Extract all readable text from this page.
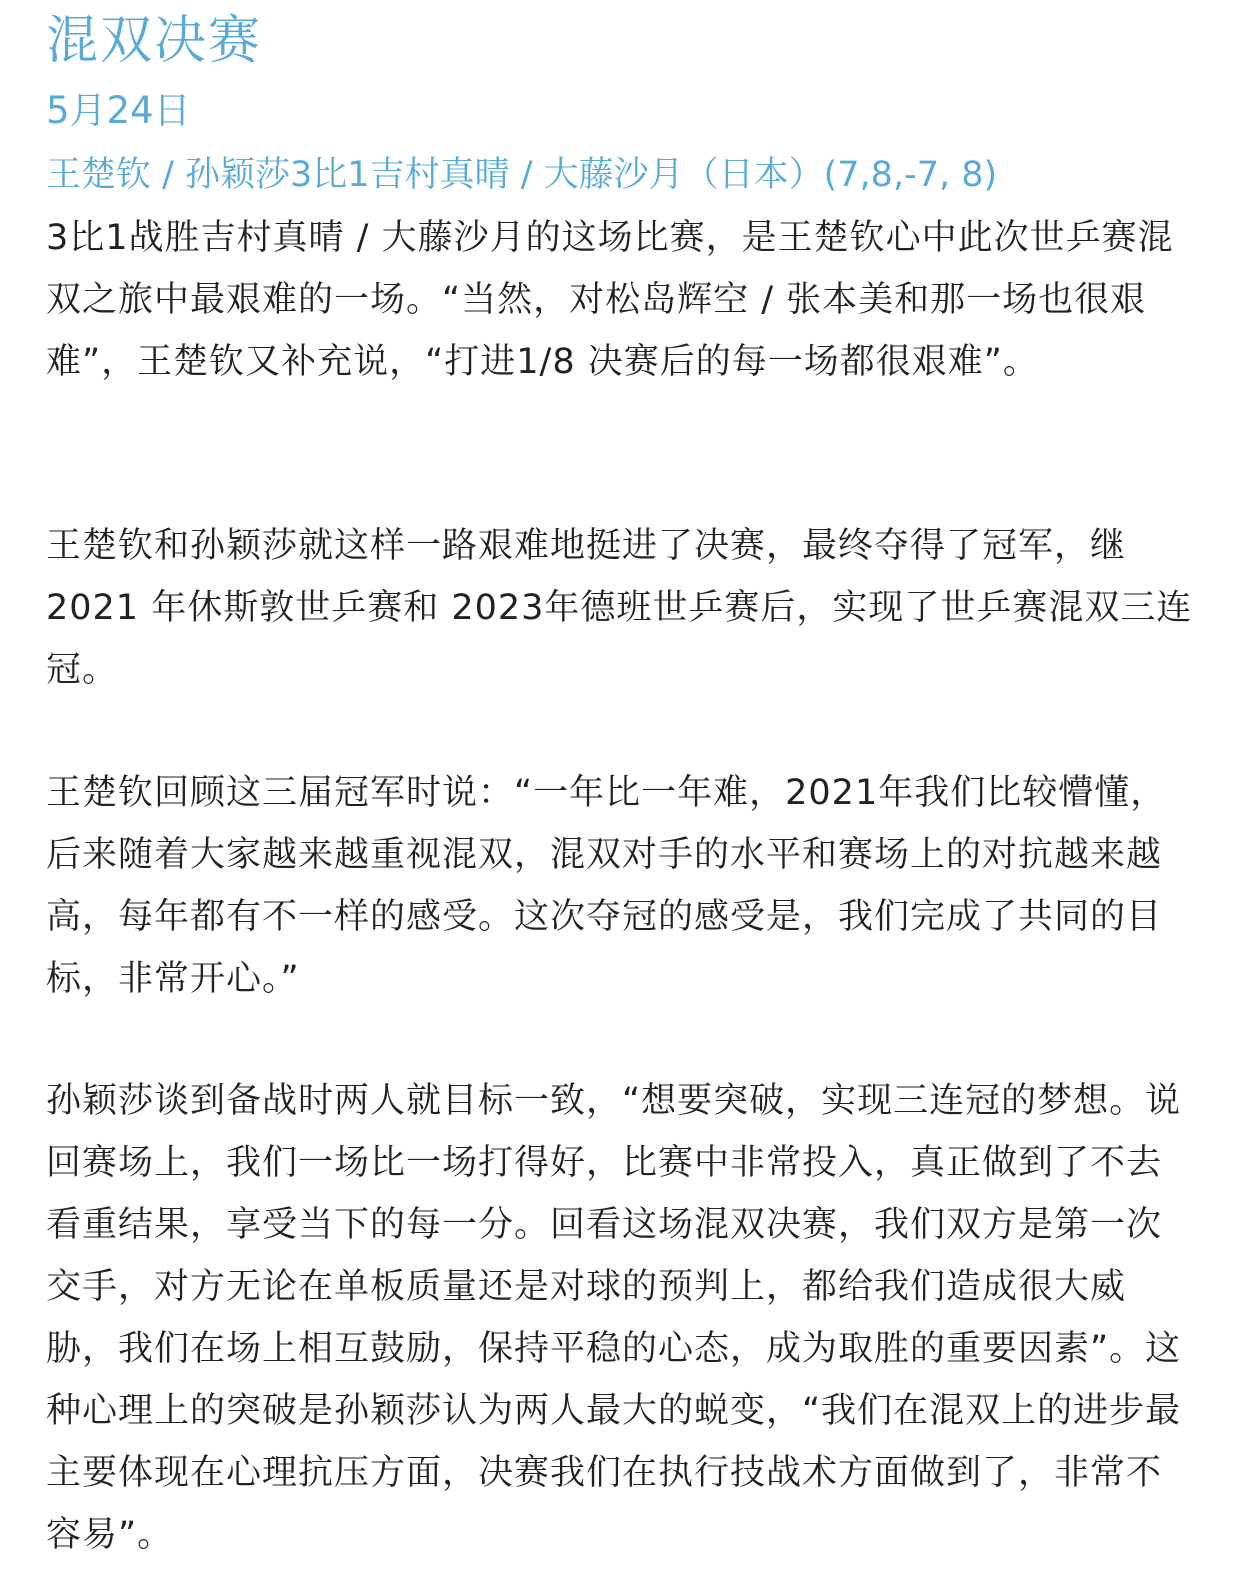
混双决赛
5月24日
王楚钦 / 孙颖莎3比1吉村真晴 / 大藤沙月（日本）(7,8,-7, 8)

3比1战胜吉村真晴 / 大藤沙月的这场比赛，是王楚钦心中此次世乒赛混双之旅中最艰难的一场。“当然，对松岛辉空 / 张本美和那一场也很艰难”，王楚钦又补充说，“打进1/8 决赛后的每一场都很艰难”。

王楚钦和孙颖莎就这样一路艰难地挺进了决赛，最终夺得了冠军，继 2021 年休斯敦世乒赛和 2023年德班世乒赛后，实现了世乒赛混双三连冠。

王楚钦回顾这三届冠军时说：“一年比一年难，2021年我们比较懵懂，后来随着大家越来越重视混双，混双对手的水平和赛场上的对抗越来越高，每年都有不一样的感受。这次夺冠的感受是，我们完成了共同的目标，非常开心。”

孙颖莎谈到备战时两人就目标一致，“想要突破，实现三连冠的梦想。说回赛场上，我们一场比一场打得好，比赛中非常投入，真正做到了不去看重结果，享受当下的每一分。回看这场混双决赛，我们双方是第一次交手，对方无论在单板质量还是对球的预判上，都给我们造成很大威胁，我们在场上相互鼓励，保持平稳的心态，成为取胜的重要因素”。这种心理上的突破是孙颖莎认为两人最大的蜕变，“我们在混双上的进步最主要体现在心理抗压方面，决赛我们在执行技战术方面做到了，非常不容易”。
